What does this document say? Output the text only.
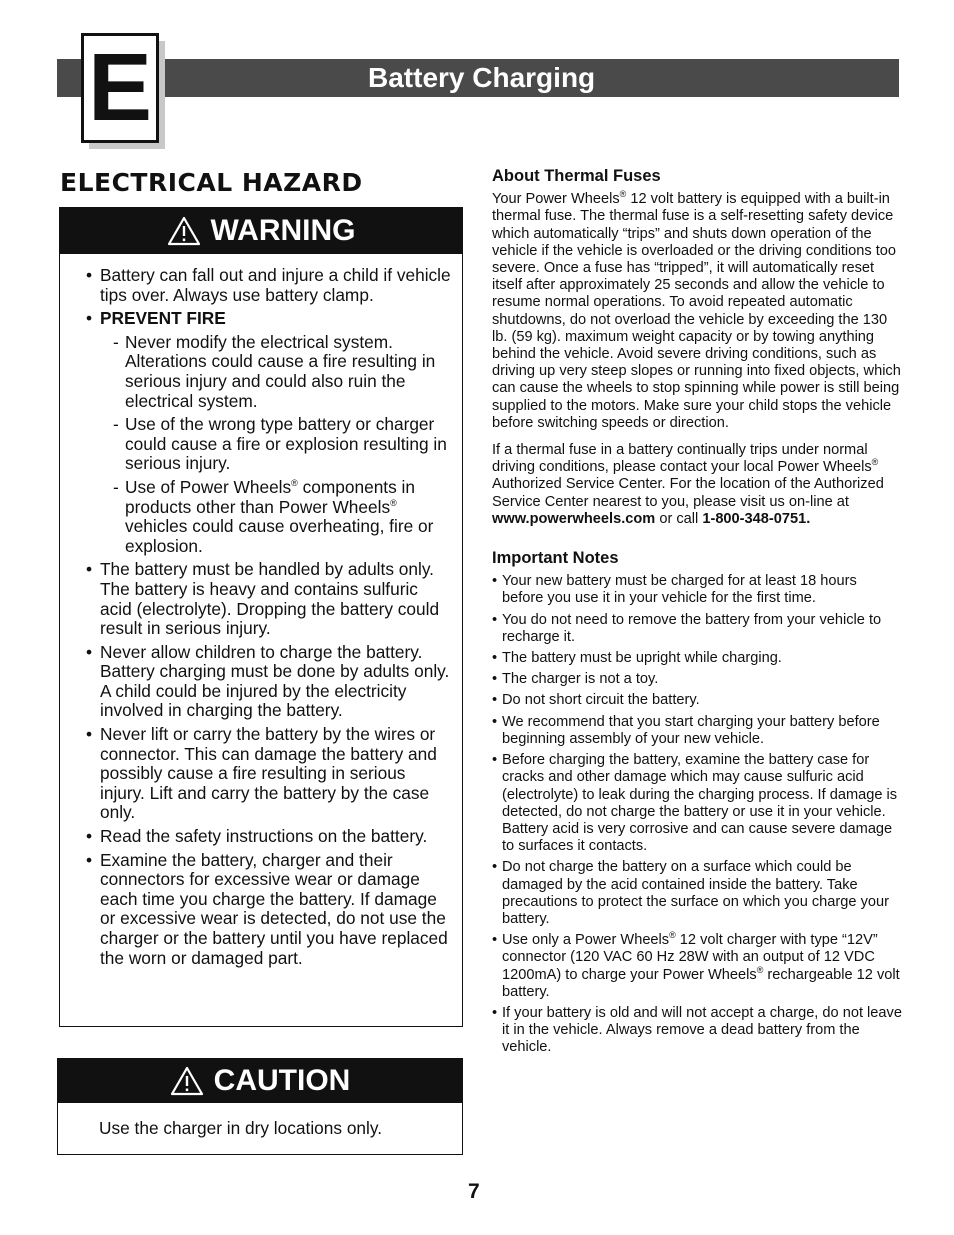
E	Battery Charging
ELECTRICAL HAZARD
WARNING
• Battery can fall out and injure a child if vehicle tips over. Always use battery clamp.
• PREVENT FIRE
- Never modify the electrical system. Alterations could cause a fire resulting in serious injury and could also ruin the electrical system.
- Use of the wrong type battery or charger could cause a fire or explosion resulting in serious injury.
- Use of Power Wheels® components in products other than Power Wheels® vehicles could cause overheating, fire or explosion.
• The battery must be handled by adults only. The battery is heavy and contains sulfuric acid (electrolyte). Dropping the battery could result in serious injury.
• Never allow children to charge the battery. Battery charging must be done by adults only. A child could be injured by the electricity involved in charging the battery.
• Never lift or carry the battery by the wires or connector. This can damage the battery and possibly cause a fire resulting in serious injury. Lift and carry the battery by the case only.
• Read the safety instructions on the battery.
• Examine the battery, charger and their connectors for excessive wear or damage each time you charge the battery. If damage or excessive wear is detected, do not use the charger or the battery until you have replaced the worn or damaged part.
CAUTION
Use the charger in dry locations only.
About Thermal Fuses

Your Power Wheels® 12 volt battery is equipped with a built-in thermal fuse. The thermal fuse is a self-resetting safety device which automatically “trips” and shuts down operation of the vehicle if the vehicle is overloaded or the driving conditions too severe. Once a fuse has “tripped”, it will automatically reset itself after approximately 25 seconds and allow the vehicle to resume normal operations. To avoid repeated automatic shutdowns, do not overload the vehicle by exceeding the 130 lb. (59 kg). maximum weight capacity or by towing anything behind the vehicle. Avoid severe driving conditions, such as driving up very steep slopes or running into fixed objects, which can cause the wheels to stop spinning while power is still being supplied to the motors. Make sure your child stops the vehicle before switching speeds or direction.

If a thermal fuse in a battery continually trips under normal driving conditions, please contact your local Power Wheels® Authorized Service Center. For the location of the Authorized Service Center nearest to you, please visit us on-line at www.powerwheels.com or call 1-800-348-0751.

Important Notes
• Your new battery must be charged for at least 18 hours before you use it in your vehicle for the first time.
• You do not need to remove the battery from your vehicle to recharge it.
• The battery must be upright while charging.
• The charger is not a toy.
• Do not short circuit the battery.
• We recommend that you start charging your battery before beginning assembly of your new vehicle.
• Before charging the battery, examine the battery case for cracks and other damage which may cause sulfuric acid (electrolyte) to leak during the charging process. If damage is detected, do not charge the battery or use it in your vehicle. Battery acid is very corrosive and can cause severe damage to surfaces it contacts.
• Do not charge the battery on a surface which could be damaged by the acid contained inside the battery. Take precautions to protect the surface on which you charge your battery.
• Use only a Power Wheels® 12 volt charger with type “12V” connector (120 VAC 60 Hz 28W with an output of 12 VDC 1200mA) to charge your Power Wheels® rechargeable 12 volt battery.
• If your battery is old and will not accept a charge, do not leave it in the vehicle. Always remove a dead battery from the vehicle.
7
